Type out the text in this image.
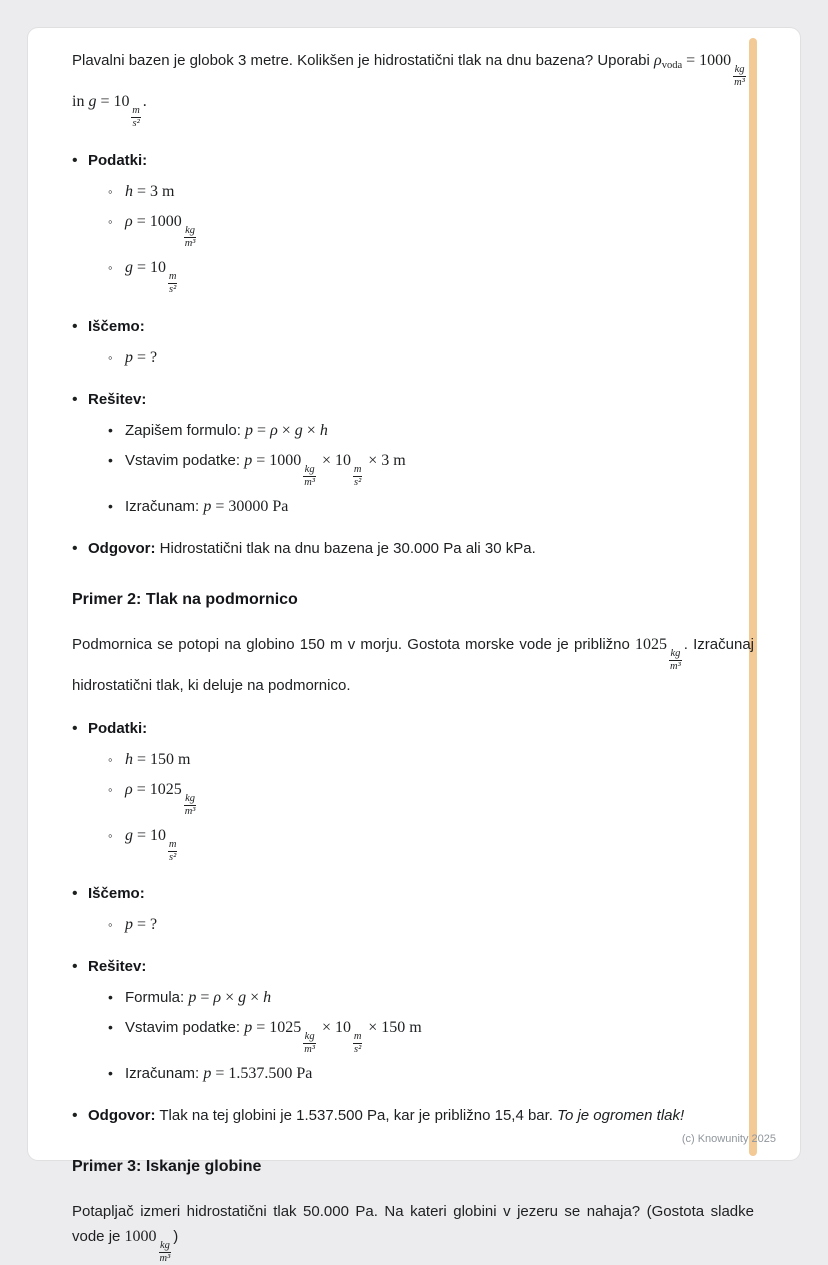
Plavalni bazen je globok 3 metre. Kolikšen je hidrostatični tlak na dnu bazena? Uporabi $\rho_{voda} = 1000$
$\frac{kg}{\text{m³}}$
in g = 10
$\frac{m}{\text{s²}}$
.

• Podatki:
◦ h = 3 m
◦ ρ = 1000
$\frac{kg}{\text{m³}}$
◦ g = 10
$\frac{m}{\text{s²}}$
• Iščemo:
◦ p = ?
• Rešitev:
• Zapišem formulo: p = ρ × g × h
• Vstavim podatke: p = 1000
$\frac{kg}{\text{m³}}$
× 10
$\frac{m}{\text{s²}}$
× 3 m
• Izračunam: p = 30000 Pa
• Odgovor: Hidrostatični tlak na dnu bazena je 30.000 Pa ali 30 kPa.
Primer 2: Tlak na podmornico

Podmornica se potopi na globino 150 m v morju. Gostota morske vode je približno 1025
$\frac{kg}{\text{m³}}$
. Izračunaj hidrostatični tlak, ki deluje na podmornico.

• Podatki:
◦ h = 150 m
◦ ρ = 1025
$\frac{kg}{\text{m³}}$
◦ g = 10
$\frac{m}{\text{s²}}$
• Iščemo:
◦ p = ?
• Rešitev:
• Formula: p = ρ × g × h
• Vstavim podatke: p = 1025
$\frac{kg}{\text{m³}}$
× 10
$\frac{m}{\text{s²}}$
× 150 m
• Izračunam: p = 1.537.500 Pa
• Odgovor: Tlak na tej globini je 1.537.500 Pa, kar je približno 15,4 bar. To je ogromen tlak!
Primer 3: Iskanje globine

Potapljač izmeri hidrostatični tlak 50.000 Pa. Na kateri globini v jezeru se nahaja? (Gostota sladke vode je 1000
$\frac{kg}{\text{m³}}$
)

(c) Knowunity 2025
